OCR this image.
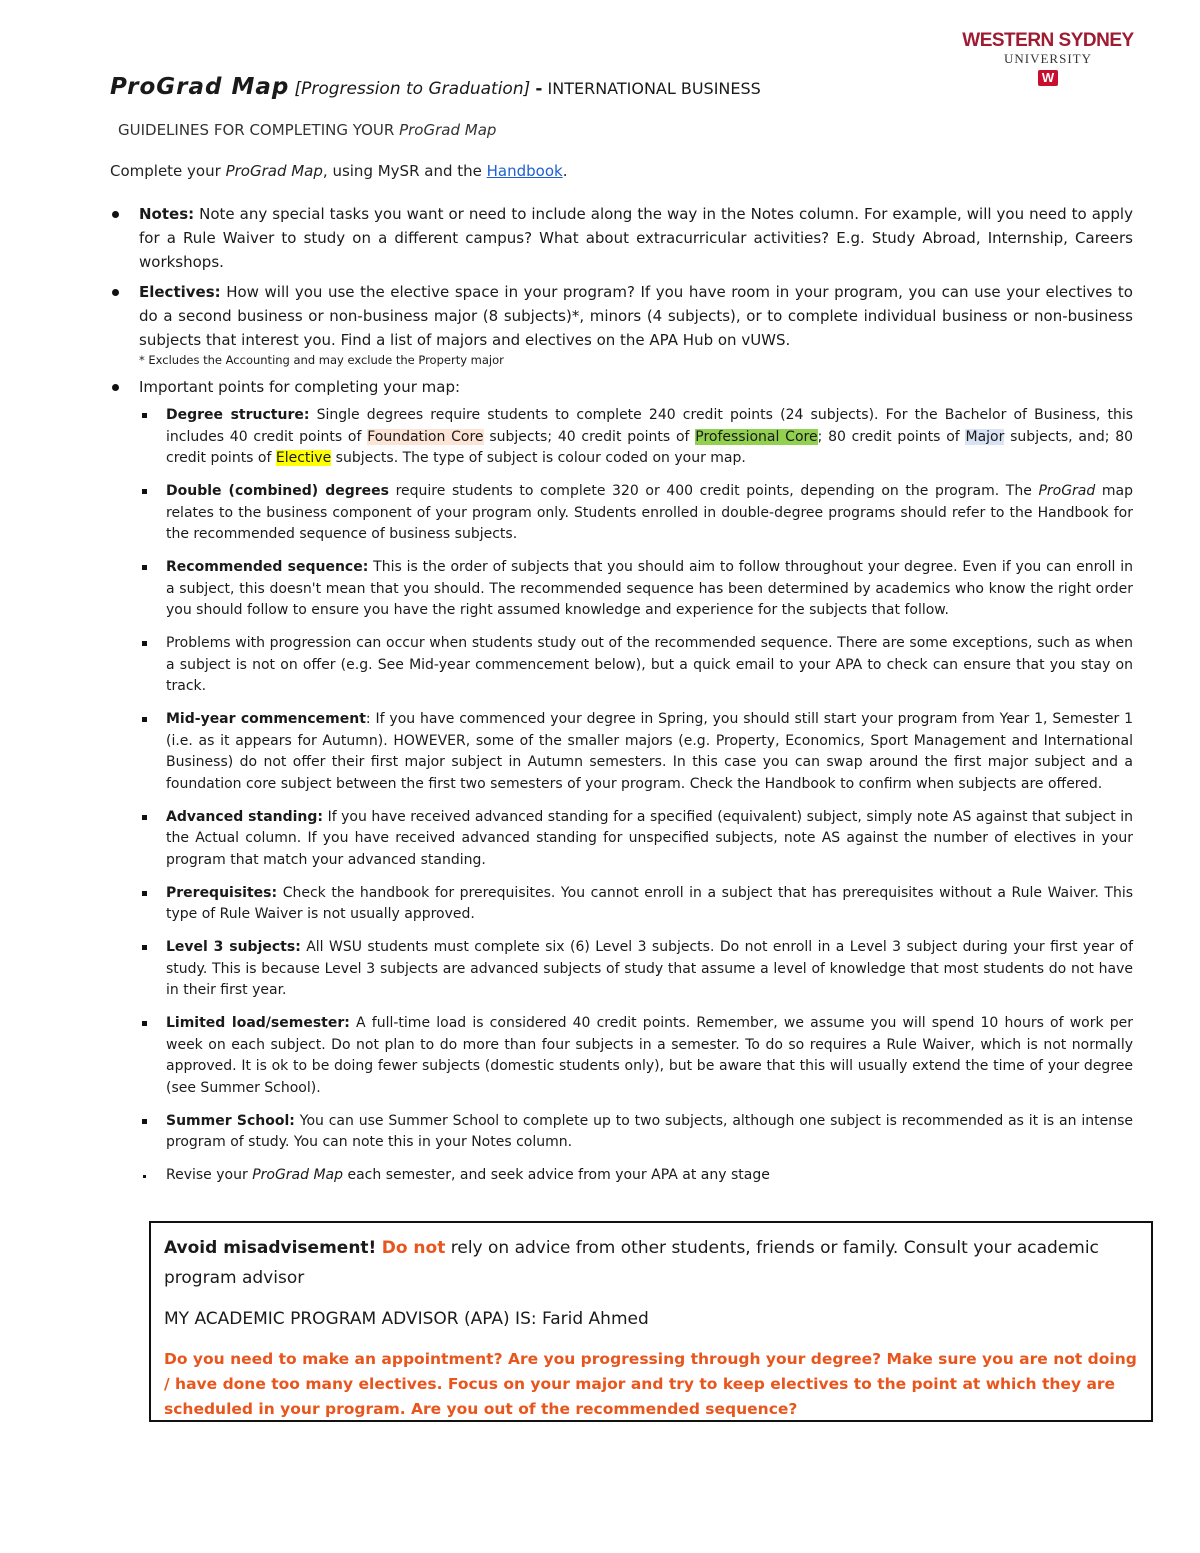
WESTERN SYDNEY
UNIVERSITY
W
ProGrad Map [Progression to Graduation] - INTERNATIONAL BUSINESS
GUIDELINES FOR COMPLETING YOUR ProGrad Map
Complete your ProGrad Map, using MySR and the Handbook.
Notes: Note any special tasks you want or need to include along the way in the Notes column. For example, will you need to apply for a Rule Waiver to study on a different campus? What about extracurricular activities? E.g. Study Abroad, Internship, Careers workshops.
Electives: How will you use the elective space in your program? If you have room in your program, you can use your electives to do a second business or non-business major (8 subjects)*, minors (4 subjects), or to complete individual business or non-business subjects that interest you. Find a list of majors and electives on the APA Hub on vUWS.
* Excludes the Accounting and may exclude the Property major
Important points for completing your map:
Degree structure: Single degrees require students to complete 240 credit points (24 subjects). For the Bachelor of Business, this includes 40 credit points of Foundation Core subjects; 40 credit points of Professional Core; 80 credit points of Major subjects, and; 80 credit points of Elective subjects. The type of subject is colour coded on your map.
Double (combined) degrees require students to complete 320 or 400 credit points, depending on the program. The ProGrad map relates to the business component of your program only. Students enrolled in double-degree programs should refer to the Handbook for the recommended sequence of business subjects.
Recommended sequence: This is the order of subjects that you should aim to follow throughout your degree. Even if you can enroll in a subject, this doesn't mean that you should. The recommended sequence has been determined by academics who know the right order you should follow to ensure you have the right assumed knowledge and experience for the subjects that follow.
Problems with progression can occur when students study out of the recommended sequence. There are some exceptions, such as when a subject is not on offer (e.g. See Mid-year commencement below), but a quick email to your APA to check can ensure that you stay on track.
Mid-year commencement: If you have commenced your degree in Spring, you should still start your program from Year 1, Semester 1 (i.e. as it appears for Autumn). HOWEVER, some of the smaller majors (e.g. Property, Economics, Sport Management and International Business) do not offer their first major subject in Autumn semesters. In this case you can swap around the first major subject and a foundation core subject between the first two semesters of your program. Check the Handbook to confirm when subjects are offered.
Advanced standing: If you have received advanced standing for a specified (equivalent) subject, simply note AS against that subject in the Actual column. If you have received advanced standing for unspecified subjects, note AS against the number of electives in your program that match your advanced standing.
Prerequisites: Check the handbook for prerequisites. You cannot enroll in a subject that has prerequisites without a Rule Waiver. This type of Rule Waiver is not usually approved.
Level 3 subjects: All WSU students must complete six (6) Level 3 subjects. Do not enroll in a Level 3 subject during your first year of study. This is because Level 3 subjects are advanced subjects of study that assume a level of knowledge that most students do not have in their first year.
Limited load/semester: A full-time load is considered 40 credit points. Remember, we assume you will spend 10 hours of work per week on each subject. Do not plan to do more than four subjects in a semester. To do so requires a Rule Waiver, which is not normally approved. It is ok to be doing fewer subjects (domestic students only), but be aware that this will usually extend the time of your degree (see Summer School).
Summer School: You can use Summer School to complete up to two subjects, although one subject is recommended as it is an intense program of study. You can note this in your Notes column.
Revise your ProGrad Map each semester, and seek advice from your APA at any stage
Avoid misadvisement! Do not rely on advice from other students, friends or family. Consult your academic program advisor
MY ACADEMIC PROGRAM ADVISOR (APA) IS: Farid Ahmed
Do you need to make an appointment? Are you progressing through your degree? Make sure you are not doing / have done too many electives. Focus on your major and try to keep electives to the point at which they are scheduled in your program. Are you out of the recommended sequence?
